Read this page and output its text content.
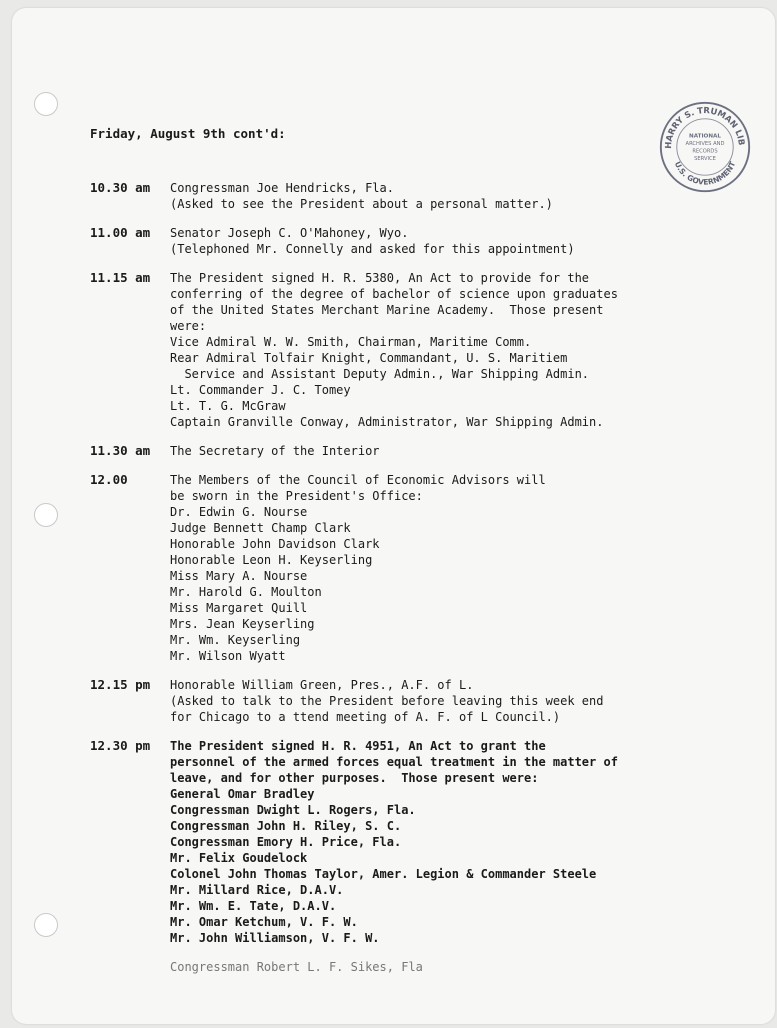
HARRY S. TRUMAN LIB
U.S. GOVERNMENT
NATIONAL
ARCHIVES AND
RECORDS
SERVICE
Friday, August 9th cont'd:
10.30 am	Congressman Joe Hendricks, Fla.
(Asked to see the President about a personal matter.)
11.00 am	Senator Joseph C. O'Mahoney, Wyo.
(Telephoned Mr. Connelly and asked for this appointment)
11.15 am	The President signed H. R. 5380, An Act to provide for the
conferring of the degree of bachelor of science upon graduates
of the United States Merchant Marine Academy.  Those present
were:
Vice Admiral W. W. Smith, Chairman, Maritime Comm.
Rear Admiral Tolfair Knight, Commandant, U. S. Maritiem
Service and Assistant Deputy Admin., War Shipping Admin.
Lt. Commander J. C. Tomey
Lt. T. G. McGraw
Captain Granville Conway, Administrator, War Shipping Admin.
11.30 am	The Secretary of the Interior
12.00	The Members of the Council of Economic Advisors will
be sworn in the President's Office:
Dr. Edwin G. Nourse
Judge Bennett Champ Clark
Honorable John Davidson Clark
Honorable Leon H. Keyserling
Miss Mary A. Nourse
Mr. Harold G. Moulton
Miss Margaret Quill
Mrs. Jean Keyserling
Mr. Wm. Keyserling
Mr. Wilson Wyatt
12.15 pm	Honorable William Green, Pres., A.F. of L.
(Asked to talk to the President before leaving this week end
for Chicago to a ttend meeting of A. F. of L Council.)
12.30 pm	The President signed H. R. 4951, An Act to grant the
personnel of the armed forces equal treatment in the matter of
leave, and for other purposes.  Those present were:
General Omar Bradley
Congressman Dwight L. Rogers, Fla.
Congressman John H. Riley, S. C.
Congressman Emory H. Price, Fla.
Mr. Felix Goudelock
Colonel John Thomas Taylor, Amer. Legion & Commander Steele
Mr. Millard Rice, D.A.V.
Mr. Wm. E. Tate, D.A.V.
Mr. Omar Ketchum, V. F. W.
Mr. John Williamson, V. F. W.
Congressman Robert L. F. Sikes, Fla
